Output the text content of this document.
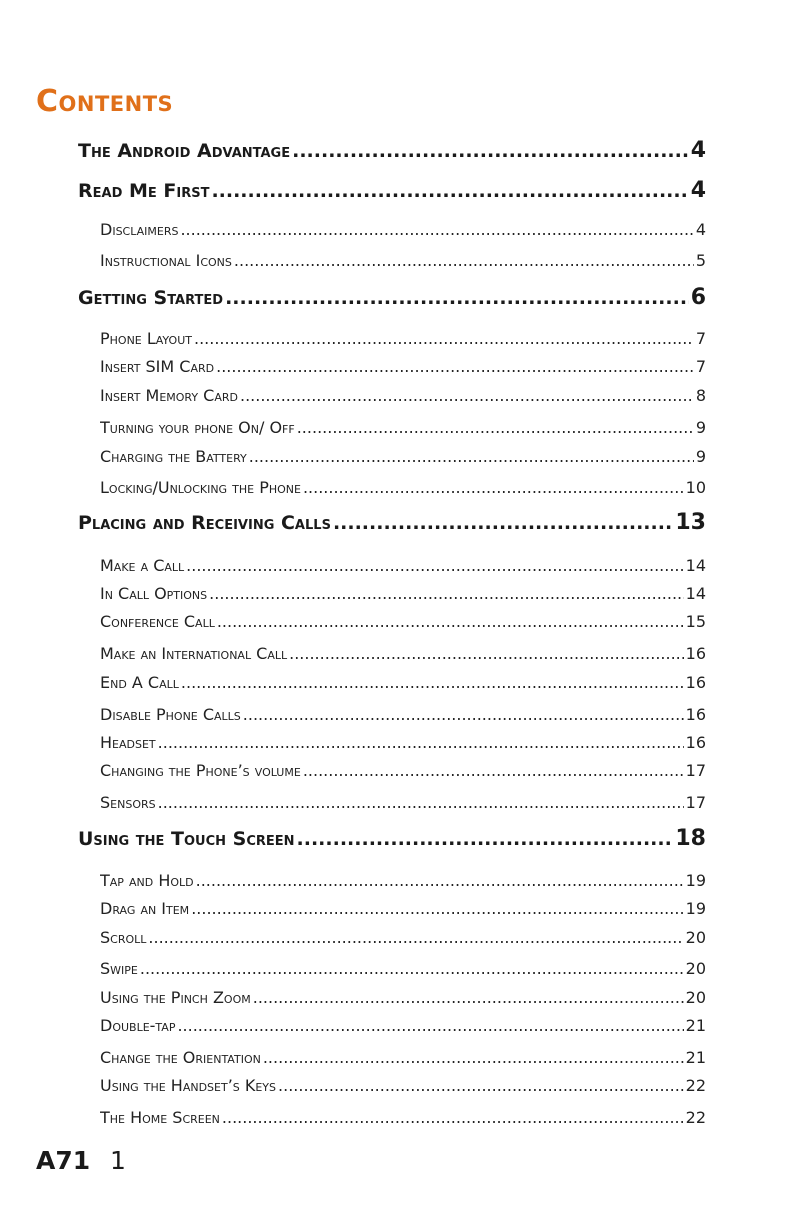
Contents
The Android Advantage .....	4
Read Me First .....	4
Disclaimers .....	4
Instructional Icons .....	5
Getting Started .....	6
Phone Layout .....	7
Insert SIM Card .....	7
Insert Memory Card .....	8
Turning your phone On/ Off .....	9
Charging the Battery .....	9
Locking/Unlocking the Phone .....	10
Placing and Receiving Calls .....	13
Make a Call .....	14
In Call Options .....	14
Conference Call .....	15
Make an International Call .....	16
End A Call .....	16
Disable Phone Calls .....	16
Headset .....	16
Changing the Phone’s volume .....	17
Sensors .....	17
Using the Touch Screen .....	18
Tap and Hold .....	19
Drag an Item .....	19
Scroll .....	20
Swipe .....	20
Using the Pinch Zoom .....	20
Double-tap .....	21
Change the Orientation .....	21
Using the Handset’s Keys .....	22
The Home Screen .....	22
A71 1
